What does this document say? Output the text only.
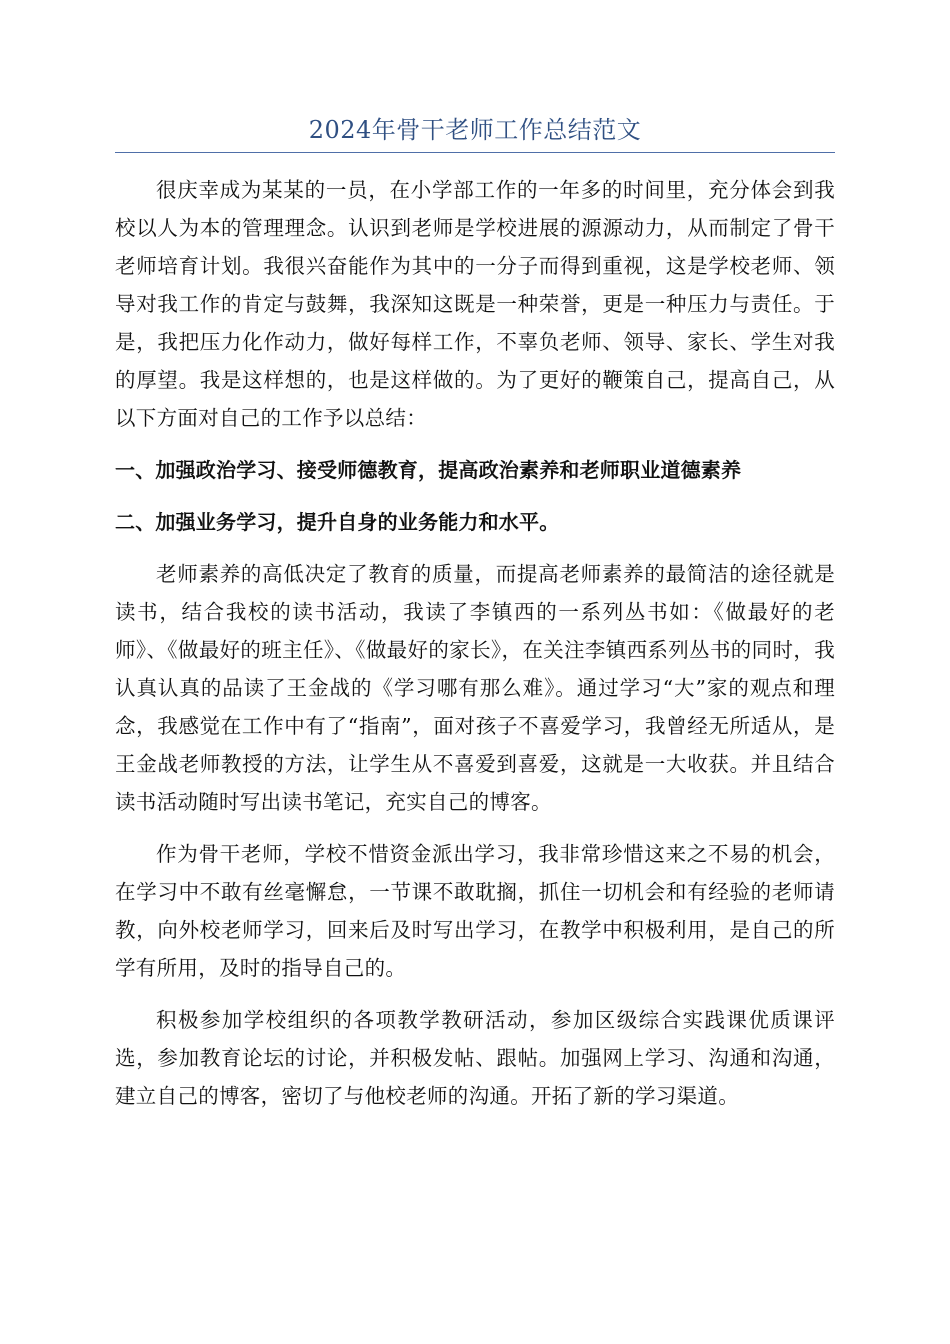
2024年骨干老师工作总结范文

很庆幸成为某某的一员，在小学部工作的一年多的时间里，充分体会到我校以人为本的管理理念。认识到老师是学校进展的源源动力，从而制定了骨干老师培育计划。我很兴奋能作为其中的一分子而得到重视，这是学校老师、领导对我工作的肯定与鼓舞，我深知这既是一种荣誉，更是一种压力与责任。于是，我把压力化作动力，做好每样工作，不辜负老师、领导、家长、学生对我的厚望。我是这样想的，也是这样做的。为了更好的鞭策自己，提高自己，从以下方面对自己的工作予以总结：

一、加强政治学习、接受师德教育，提高政治素养和老师职业道德素养

二、加强业务学习，提升自身的业务能力和水平。

老师素养的高低决定了教育的质量，而提高老师素养的最简洁的途径就是读书，结合我校的读书活动，我读了李镇西的一系列丛书如：《做最好的老师》、《做最好的班主任》、《做最好的家长》，在关注李镇西系列丛书的同时，我认真认真的品读了王金战的《学习哪有那么难》。通过学习“大”家的观点和理念，我感觉在工作中有了“指南”，面对孩子不喜爱学习，我曾经无所适从，是王金战老师教授的方法，让学生从不喜爱到喜爱，这就是一大收获。并且结合读书活动随时写出读书笔记，充实自己的博客。

作为骨干老师，学校不惜资金派出学习，我非常珍惜这来之不易的机会，在学习中不敢有丝毫懈怠，一节课不敢耽搁，抓住一切机会和有经验的老师请教，向外校老师学习，回来后及时写出学习，在教学中积极利用，是自己的所学有所用，及时的指导自己的。

积极参加学校组织的各项教学教研活动，参加区级综合实践课优质课评选，参加教育论坛的讨论，并积极发帖、跟帖。加强网上学习、沟通和沟通，建立自己的博客，密切了与他校老师的沟通。开拓了新的学习渠道。
